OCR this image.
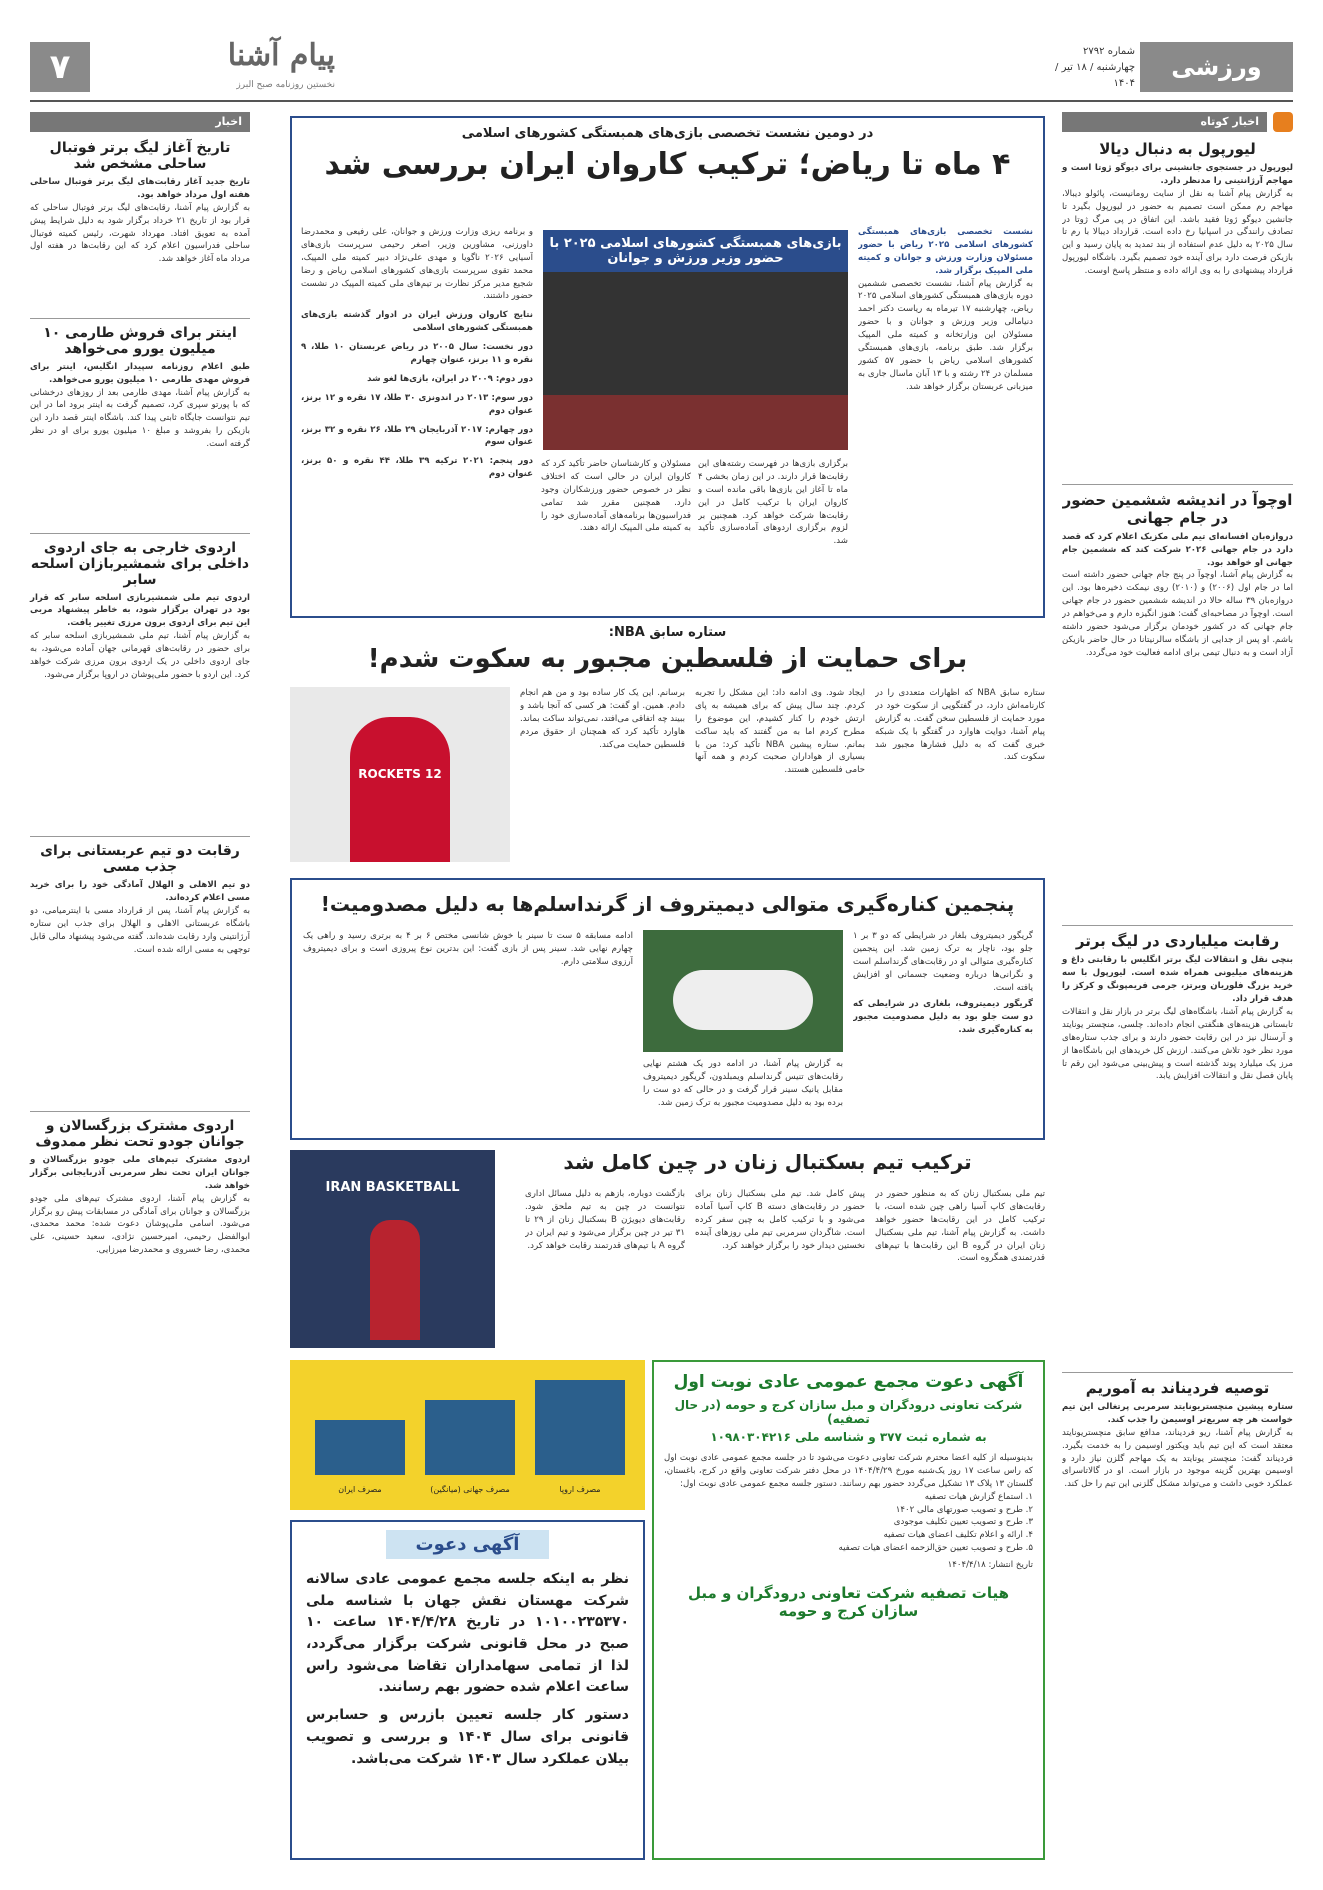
ورزشی
شماره ۲۷۹۲
چهارشنبه / ۱۸ تیر / ۱۴۰۴
پیام آشنا
نخستین روزنامه صبح البرز
۷
اخبار کوتاه
لیورپول به دنبال دیالا

لیورپول در جستجوی جانشینی برای دیوگو ژوتا است و مهاجم آرژانتینی را مدنظر دارد.

به گزارش پیام آشنا به نقل از سایت رومانیست، پائولو دیبالا، مهاجم رم ممکن است تصمیم به حضور در لیورپول بگیرد تا جانشین دیوگو ژوتا فقید باشد. این اتفاق در پی مرگ ژوتا در تصادف رانندگی در اسپانیا رخ داده است. قرارداد دیبالا با رم تا سال ۲۰۲۵ به دلیل عدم استفاده از بند تمدید به پایان رسید و این بازیکن فرصت دارد برای آینده خود تصمیم بگیرد. باشگاه لیورپول قرارداد پیشنهادی را به وی ارائه داده و منتظر پاسخ اوست.

اوچوآ در اندیشه ششمین حضور در جام جهانی

دروازه‌بان افسانه‌ای تیم ملی مکزیک اعلام کرد که قصد دارد در جام جهانی ۲۰۲۶ شرکت کند که ششمین جام جهانی او خواهد بود.

به گزارش پیام آشنا، اوچوآ در پنج جام جهانی حضور داشته است اما در جام اول (۲۰۰۶) و (۲۰۱۰) روی نیمکت ذخیره‌ها بود. این دروازه‌بان ۳۹ ساله حالا در اندیشه ششمین حضور در جام جهانی است. اوچوآ در مصاحبه‌ای گفت: هنوز انگیزه دارم و می‌خواهم در جام جهانی که در کشور خودمان برگزار می‌شود حضور داشته باشم. او پس از جدایی از باشگاه سالرنیتانا در حال حاضر بازیکن آزاد است و به دنبال تیمی برای ادامه فعالیت خود می‌گردد.

رقابت میلیاردی در لیگ برتر

بنچی نقل و انتقالات لیگ برتر انگلیس با رقابتی داغ و هزینه‌های میلیونی همراه شده است. لیورپول با سه خرید بزرگ فلوریان ویرتز، جرمی فریمپونگ و کرکز را هدف قرار داد.

به گزارش پیام آشنا، باشگاه‌های لیگ برتر در بازار نقل و انتقالات تابستانی هزینه‌های هنگفتی انجام داده‌اند. چلسی، منچستر یونایتد و آرسنال نیز در این رقابت حضور دارند و برای جذب ستاره‌های مورد نظر خود تلاش می‌کنند. ارزش کل خریدهای این باشگاه‌ها از مرز یک میلیارد پوند گذشته است و پیش‌بینی می‌شود این رقم تا پایان فصل نقل و انتقالات افزایش یابد.

توصیه فردیناند به آموریم

ستاره پیشین منچستریونایتد سرمربی پرتغالی این تیم خواست هر چه سریع‌تر اوسیمن را جذب کند.

به گزارش پیام آشنا، ریو فردیناند، مدافع سابق منچستریونایتد معتقد است که این تیم باید ویکتور اوسیمن را به خدمت بگیرد. فردیناند گفت: منچستر یونایتد به یک مهاجم گلزن نیاز دارد و اوسیمن بهترین گزینه موجود در بازار است. او در گالاتاسرای عملکرد خوبی داشت و می‌تواند مشکل گلزنی این تیم را حل کند.

اخبار
تاریخ آغاز لیگ برتر فوتبال ساحلی مشخص شد

تاریخ جدید آغاز رقابت‌های لیگ برتر فوتبال ساحلی هفته اول مرداد خواهد بود.

به گزارش پیام آشنا، رقابت‌های لیگ برتر فوتبال ساحلی که قرار بود از تاریخ ۲۱ خرداد برگزار شود به دلیل شرایط پیش آمده به تعویق افتاد. مهرداد شهرت، رئیس کمیته فوتبال ساحلی فدراسیون اعلام کرد که این رقابت‌ها در هفته اول مرداد ماه آغاز خواهد شد.

اینتر برای فروش طارمی ۱۰ میلیون یورو می‌خواهد

طبق اعلام روزنامه سپیدار انگلیس، اینتر برای فروش مهدی طارمی ۱۰ میلیون یورو می‌خواهد.

به گزارش پیام آشنا، مهدی طارمی بعد از روزهای درخشانی که با پورتو سپری کرد، تصمیم گرفت به اینتر برود اما در این تیم نتوانست جایگاه ثابتی پیدا کند. باشگاه اینتر قصد دارد این بازیکن را بفروشد و مبلغ ۱۰ میلیون یورو برای او در نظر گرفته است.

اردوی خارجی به جای اردوی داخلی برای شمشیربازان اسلحه سابر

اردوی تیم ملی شمشیربازی اسلحه سابر که قرار بود در تهران برگزار شود، به خاطر پیشنهاد مربی این تیم برای اردوی برون مرزی تغییر یافت.

به گزارش پیام آشنا، تیم ملی شمشیربازی اسلحه سابر که برای حضور در رقابت‌های قهرمانی جهان آماده می‌شود، به جای اردوی داخلی در یک اردوی برون مرزی شرکت خواهد کرد. این اردو با حضور ملی‌پوشان در اروپا برگزار می‌شود.

رقابت دو تیم عربستانی برای جذب مسی

دو تیم الاهلی و الهلال آمادگی خود را برای خرید مسی اعلام کرده‌اند.

به گزارش پیام آشنا، پس از قرارداد مسی با اینترمیامی، دو باشگاه عربستانی الاهلی و الهلال برای جذب این ستاره آرژانتینی وارد رقابت شده‌اند. گفته می‌شود پیشنهاد مالی قابل توجهی به مسی ارائه شده است.

اردوی مشترک بزرگسالان و جوانان جودو تحت نظر ممدوف

اردوی مشترک تیم‌های ملی جودو بزرگسالان و جوانان ایران تحت نظر سرمربی آذربایجانی برگزار خواهد شد.

به گزارش پیام آشنا، اردوی مشترک تیم‌های ملی جودو بزرگسالان و جوانان برای آمادگی در مسابقات پیش رو برگزار می‌شود. اسامی ملی‌پوشان دعوت شده: محمد محمدی، ابوالفضل رحیمی، امیرحسین نژادی، سعید حسینی، علی محمدی، رضا خسروی و محمدرضا میرزایی.

در دومین نشست تخصصی بازی‌های همبستگی کشورهای اسلامی
۴ ماه تا ریاض؛ ترکیب کاروان ایران بررسی شد

نشست تخصصی بازی‌های همبستگی کشورهای اسلامی ۲۰۲۵ ریاض با حضور مسئولان وزارت ورزش و جوانان و کمیته ملی المپیک برگزار شد.

به گزارش پیام آشنا، نشست تخصصی ششمین دوره بازی‌های همبستگی کشورهای اسلامی ۲۰۲۵ ریاض، چهارشنبه ۱۷ تیرماه به ریاست دکتر احمد دنیامالی وزیر ورزش و جوانان و با حضور مسئولان این وزارتخانه و کمیته ملی المپیک برگزار شد. طبق برنامه، بازی‌های همبستگی کشورهای اسلامی ریاض با حضور ۵۷ کشور مسلمان در ۲۴ رشته و با ۱۳ آبان ماسال جاری به میزبانی عربستان برگزار خواهد شد.

بازی‌های همبستگی کشورهای اسلامی ۲۰۲۵ با حضور وزیر ورزش و جوانان

برگزاری بازی‌ها در فهرست رشته‌های این رقابت‌ها قرار دارند. در این زمان بخشی ۴ ماه تا آغاز این بازی‌ها باقی مانده است و کاروان ایران با ترکیب کامل در این رقابت‌ها شرکت خواهد کرد. همچنین بر لزوم برگزاری اردوهای آماده‌سازی تأکید شد.

مسئولان و کارشناسان حاضر تأکید کرد که کاروان ایران در حالی است که اختلاف نظر در خصوص حضور ورزشکاران وجود دارد. همچنین مقرر شد تمامی فدراسیون‌ها برنامه‌های آماده‌سازی خود را به کمیته ملی المپیک ارائه دهند.

و برنامه ریزی وزارت ورزش و جوانان، علی رفیعی و محمدرضا داورزنی، مشاورین وزیر، اصغر رحیمی سرپرست بازی‌های آسیایی ۲۰۲۶ ناگویا و مهدی علی‌نژاد دبیر کمیته ملی المپیک، محمد تقوی سرپرست بازی‌های کشورهای اسلامی ریاض و رضا شجیع مدیر مرکز نظارت بر تیم‌های ملی کمیته المپیک در نشست حضور داشتند.

نتایج کاروان ورزش ایران در ادوار گذشته بازی‌های همبستگی کشورهای اسلامی

دور نخست: سال ۲۰۰۵ در ریاض عربستان ۱۰ طلا، ۹ نقره و ۱۱ برنز، عنوان چهارم

دور دوم: ۲۰۰۹ در ایران، بازی‌ها لغو شد

دور سوم: ۲۰۱۳ در اندونزی ۳۰ طلا، ۱۷ نقره و ۱۲ برنز، عنوان دوم

دور چهارم: ۲۰۱۷ آذربایجان ۲۹ طلا، ۲۶ نقره و ۳۲ برنز، عنوان سوم

دور پنجم: ۲۰۲۱ ترکیه ۳۹ طلا، ۴۴ نقره و ۵۰ برنز، عنوان دوم

ستاره سابق NBA:
برای حمایت از فلسطین مجبور به سکوت شدم!

ستاره سابق NBA که اظهارات متعددی را در کارنامه‌اش دارد، در گفتگویی از سکوت خود در مورد حمایت از فلسطین سخن گفت. به گزارش پیام آشنا، دوایت هاوارد در گفتگو با یک شبکه خبری گفت که به دلیل فشارها مجبور شد سکوت کند.

ایجاد شود. وی ادامه داد: این مشکل را تجربه کردم. چند سال پیش که برای همیشه به پای ارتش خودم را کنار کشیدم، این موضوع را مطرح کردم اما به من گفتند که باید ساکت بمانم. ستاره پیشین NBA تأکید کرد: من با بسیاری از هواداران صحبت کردم و همه آنها حامی فلسطین هستند.

برسانم. این یک کار ساده بود و من هم انجام دادم. همین. او گفت: هر کسی که آنجا باشد و ببیند چه اتفاقی می‌افتد، نمی‌تواند ساکت بماند. هاوارد تأکید کرد که همچنان از حقوق مردم فلسطین حمایت می‌کند.

ROCKETS 12
پنجمین کناره‌گیری متوالی دیمیتروف از گرنداسلم‌ها به دلیل مصدومیت!

گریگور دیمیتروف بلغار در شرایطی که دو ۳ بر ۱ جلو بود، ناچار به ترک زمین شد. این پنجمین کناره‌گیری متوالی او در رقابت‌های گرنداسلم است و نگرانی‌ها درباره وضعیت جسمانی او افزایش یافته است.

گریگور دیمیتروف، بلغاری در شرایطی که دو ست جلو بود به دلیل مصدومیت مجبور به کناره‌گیری شد.

به گزارش پیام آشنا، در ادامه دور یک هشتم نهایی رقابت‌های تنیس گرنداسلم ویمبلدون، گریگور دیمیتروف مقابل یانیک سینر قرار گرفت و در حالی که دو ست را برده بود به دلیل مصدومیت مجبور به ترک زمین شد.

ادامه مسابقه ۵ ست تا سینر با خوش شانسی مختص ۶ بر ۴ به برتری رسید و راهی یک چهارم نهایی شد. سینر پس از بازی گفت: این بدترین نوع پیروزی است و برای دیمیتروف آرزوی سلامتی دارم.

ترکیب تیم بسکتبال زنان در چین کامل شد

تیم ملی بسکتبال زنان که به منظور حضور در رقابت‌های کاپ آسیا راهی چین شده است، با ترکیب کامل در این رقابت‌ها حضور خواهد داشت. به گزارش پیام آشنا، تیم ملی بسکتبال زنان ایران در گروه B این رقابت‌ها با تیم‌های قدرتمندی همگروه است.

پیش کامل شد. تیم ملی بسکتبال زنان برای حضور در رقابت‌های دسته B کاپ آسیا آماده می‌شود و با ترکیب کامل به چین سفر کرده است. شاگردان سرمربی تیم ملی روزهای آینده نخستین دیدار خود را برگزار خواهند کرد.

بازگشت دوباره، بازهم به دلیل مسائل اداری نتوانست در چین به تیم ملحق شود. رقابت‌های دیویژن B بسکتبال زنان از ۲۹ تا ۳۱ تیر در چین برگزار می‌شود و تیم ایران در گروه A با تیم‌های قدرتمند رقابت خواهد کرد.

IRAN BASKETBALL
آگهی دعوت مجمع عمومی عادی نوبت اول
شرکت تعاونی درودگران و مبل سازان کرج و حومه (در حال تصفیه)
به شماره ثبت ۳۷۷ و شناسه ملی ۱۰۹۸۰۳۰۴۲۱۶

بدینوسیله از کلیه اعضا محترم شرکت تعاونی دعوت می‌شود تا در جلسه مجمع عمومی عادی نوبت اول که راس ساعت ۱۷ روز یک‌شنبه مورخ ۱۴۰۴/۴/۲۹ در محل دفتر شرکت تعاونی واقع در کرج، باغستان، گلستان ۱۳ پلاک ۱۳ تشکیل می‌گردد حضور بهم رسانند. دستور جلسه مجمع عمومی عادی نوبت اول:

۱. استماع گزارش هیات تصفیه

۲. طرح و تصویب صورتهای مالی ۱۴۰۲

۳. طرح و تصویب تعیین تکلیف موجودی

۴. ارائه و اعلام تکلیف اعضای هیات تصفیه

۵. طرح و تصویب تعیین حق‌الزحمه اعضای هیات تصفیه

تاریخ انتشار: ۱۴۰۴/۴/۱۸

هیات تصفیه شرکت تعاونی درودگران و مبل سازان کرج و حومه
مصرف اروپا
مصرف جهانی (میانگین)
مصرف ایران
آگهی دعوت

نظر به اینکه جلسه مجمع عمومی عادی سالانه شرکت مهستان نقش جهان با شناسه ملی ۱۰۱۰۰۲۳۵۳۷۰ در تاریخ ۱۴۰۴/۴/۲۸ ساعت ۱۰ صبح در محل قانونی شرکت برگزار می‌گردد، لذا از تمامی سهامداران تقاضا می‌شود راس ساعت اعلام شده حضور بهم رسانند.

دستور کار جلسه تعیین بازرس و حسابرس قانونی برای سال ۱۴۰۴ و بررسی و تصویب بیلان عملکرد سال ۱۴۰۳ شرکت می‌باشد.
